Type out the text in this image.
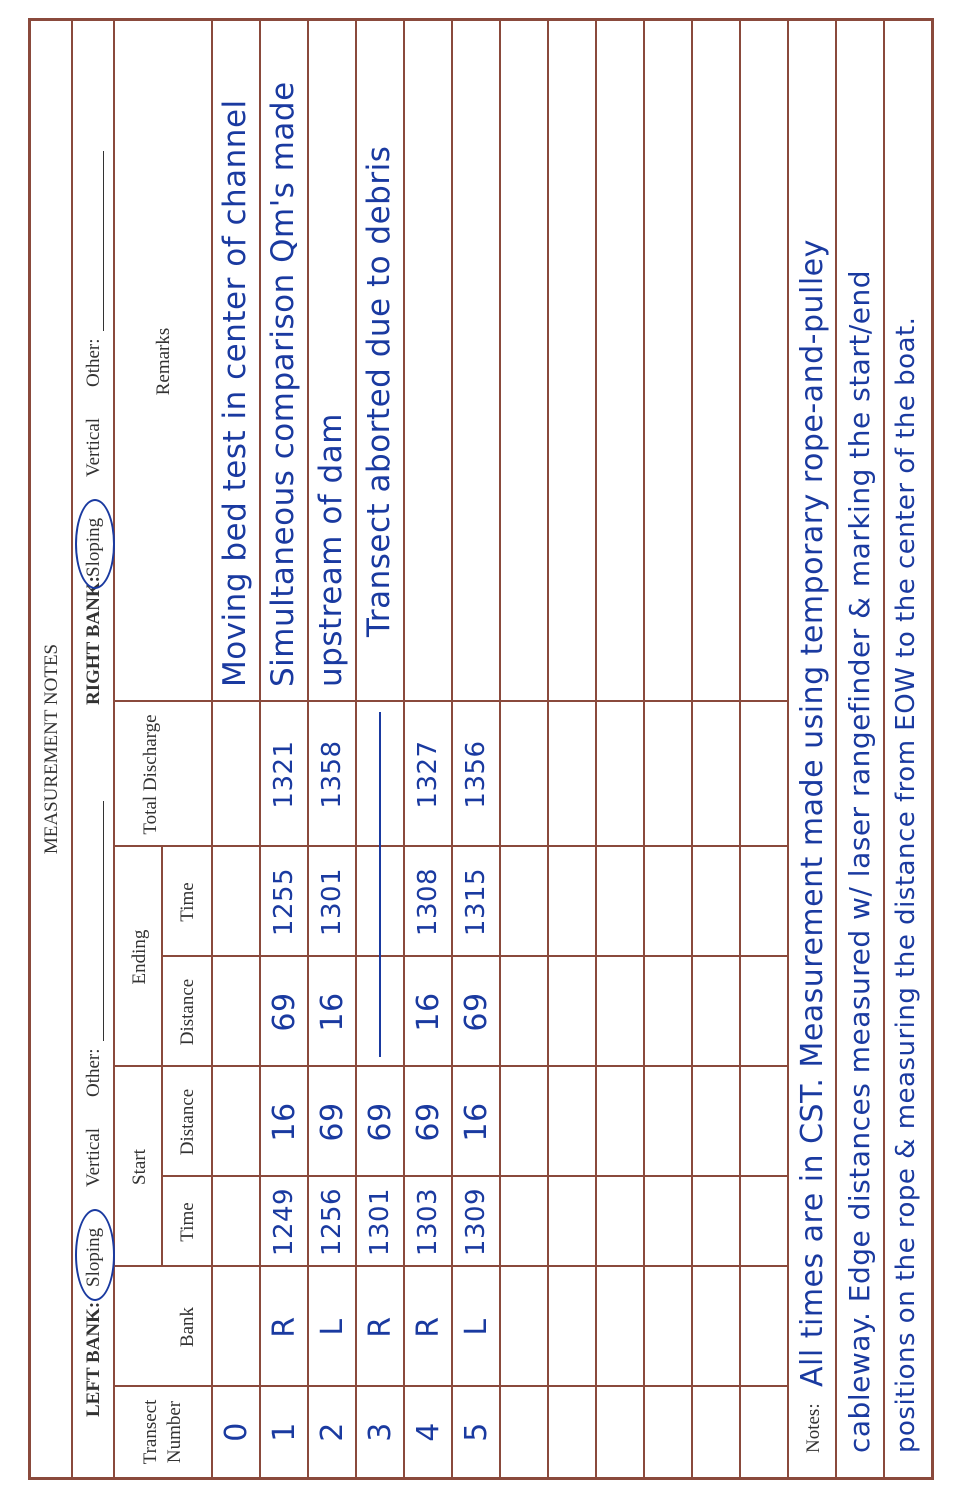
MEASUREMENT NOTES
LEFT BANK:
Sloping
Vertical
Other:
RIGHT BANK:
Sloping
Vertical
Other:
Transect Number
Start
Ending
Bank
Time
Distance
Distance
Time
Total Discharge
Remarks
0
Moving bed test in center of channel
1
R
1249
16
69
1255
1321
Simultaneous comparison Qm's made
2
L
1256
69
16
1301
1358
upstream of dam
3
R
1301
69
Transect aborted due to debris
4
R
1303
69
16
1308
1327
5
L
1309
16
69
1315
1356
Notes:
All times are in CST. Measurement made using temporary rope-and-pulley cableway. Edge distances measured w/ laser rangefinder & marking the start/end positions on the rope & measuring the distance from EOW to the center of the boat.
